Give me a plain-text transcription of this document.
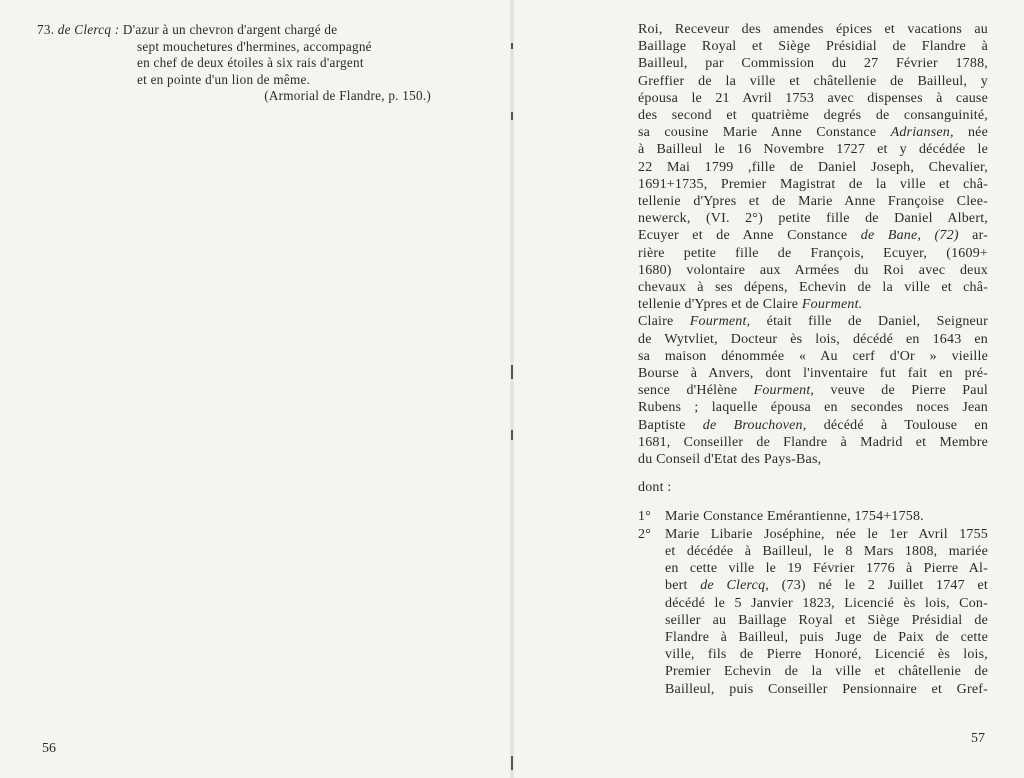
73. de Clercq : D'azur à un chevron d'argent chargé de
sept mouchetures d'hermines, accompagné
en chef de deux étoiles à six rais d'argent
et en pointe d'un lion de même.
(Armorial de Flandre, p. 150.)
56

Roi, Receveur des amendes épices et vacations au
Baillage Royal et Siège Présidial de Flandre à
Bailleul, par Commission du 27 Février 1788,
Greffier de la ville et châtellenie de Bailleul, y
épousa le 21 Avril 1753 avec dispenses à cause
des second et quatrième degrés de consanguinité,
sa cousine Marie Anne Constance Adriansen, née
à Bailleul le 16 Novembre 1727 et y décédée le
22 Mai 1799 ,fille de Daniel Joseph, Chevalier,
1691+1735, Premier Magistrat de la ville et châ-
tellenie d'Ypres et de Marie Anne Françoise Clee-
newerck, (VI. 2°) petite fille de Daniel Albert,
Ecuyer et de Anne Constance de Bane, (72) ar-
rière petite fille de François, Ecuyer, (1609+
1680) volontaire aux Armées du Roi avec deux
chevaux à ses dépens, Echevin de la ville et châ-
tellenie d'Ypres et de Claire Fourment.

Claire Fourment, était fille de Daniel, Seigneur
de Wytvliet, Docteur ès lois, décédé en 1643 en
sa maison dénommée « Au cerf d'Or » vieille
Bourse à Anvers, dont l'inventaire fut fait en pré-
sence d'Hélène Fourment, veuve de Pierre Paul
Rubens ; laquelle épousa en secondes noces Jean
Baptiste de Brouchoven, décédé à Toulouse en
1681, Conseiller de Flandre à Madrid et Membre
du Conseil d'Etat des Pays-Bas,

dont :

1°	Marie Constance Emérantienne, 1754+1758.
2°	Marie Libarie Joséphine, née le 1er Avril 1755
et décédée à Bailleul, le 8 Mars 1808, mariée
en cette ville le 19 Février 1776 à Pierre Al-
bert de Clercq, (73) né le 2 Juillet 1747 et
décédé le 5 Janvier 1823, Licencié ès lois, Con-
seiller au Baillage Royal et Siège Présidial de
Flandre à Bailleul, puis Juge de Paix de cette
ville, fils de Pierre Honoré, Licencié ès lois,
Premier Echevin de la ville et châtellenie de
Bailleul, puis Conseiller Pensionnaire et Gref-
57
